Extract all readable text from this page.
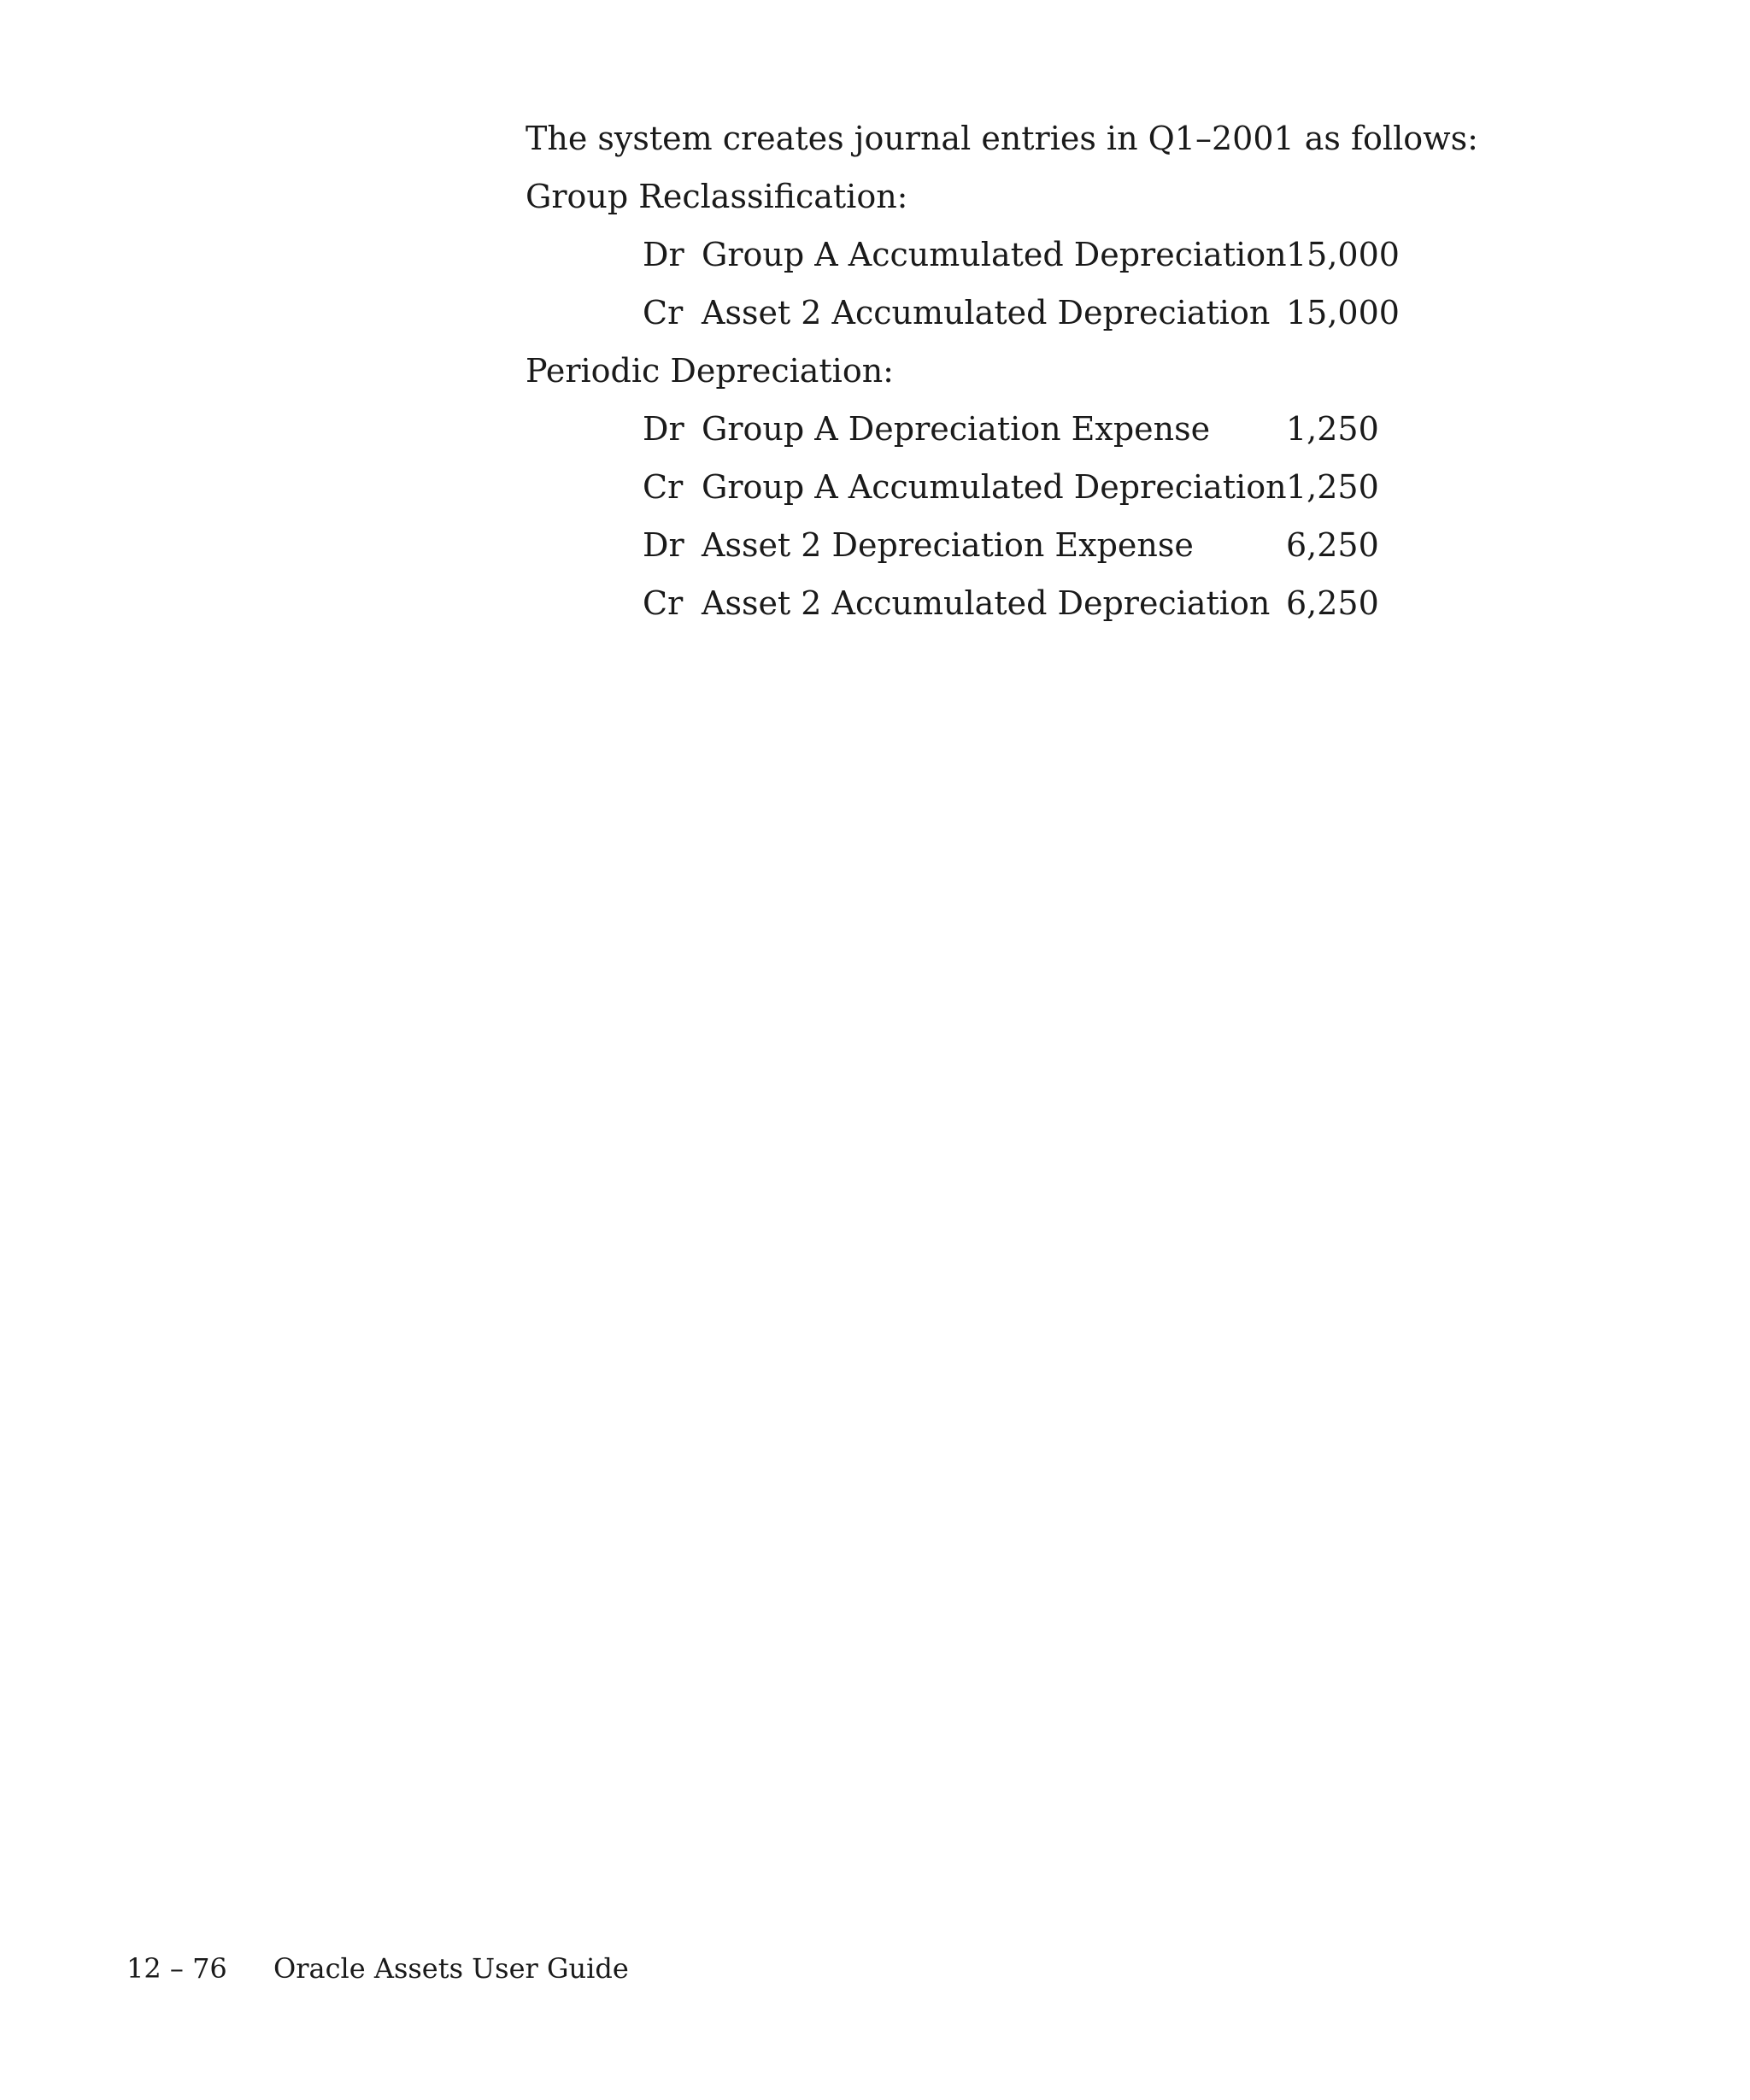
The system creates journal entries in Q1–2001 as follows:
Group Reclassification:
Dr Group A Accumulated Depreciation 15,000
Cr Asset 2 Accumulated Depreciation 15,000
Periodic Depreciation:
Dr Group A Depreciation Expense 1,250
Cr Group A Accumulated Depreciation 1,250
Dr Asset 2 Depreciation Expense	6,250
Cr Asset 2 Accumulated Depreciation 6,250
12 – 76 Oracle Assets User Guide
